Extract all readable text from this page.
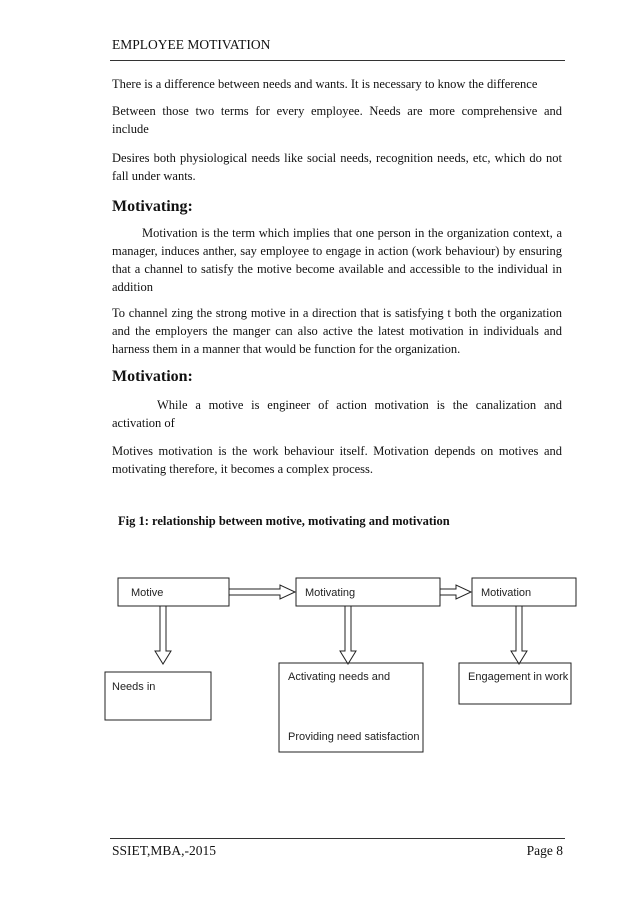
EMPLOYEE MOTIVATION

There is a difference between needs and wants. It is necessary to know the difference

Between those two terms for every employee. Needs are more comprehensive and include

Desires both physiological needs like social needs, recognition needs, etc, which do not fall under wants.

Motivating:

Motivation is the term which implies that one person in the organization context, a manager, induces anther, say employee to engage in action (work behaviour) by ensuring that a channel to satisfy the motive become available and accessible to the individual in addition

To channel zing the strong motive in a direction that is satisfying t both the organization and the employers the manger can also active the latest motivation in individuals and harness them in a manner that would be function for the organization.

Motivation:

While a motive is engineer of action motivation is the canalization and activation of

Motives motivation is the work behaviour itself. Motivation depends on motives and motivating therefore, it becomes a complex process.

Fig 1: relationship between motive, motivating and motivation
Motive	Motivating	Motivation
Needs in
Activating needs and
Providing need satisfaction
Engagement in work
SSIET,MBA,-2015	Page 8
